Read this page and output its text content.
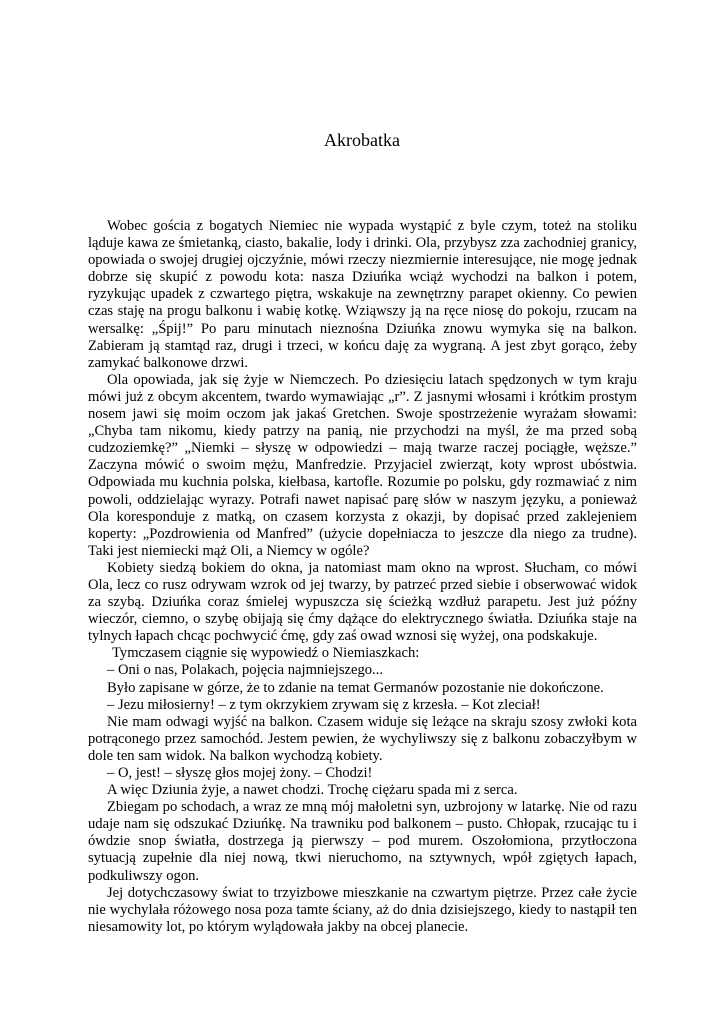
Akrobatka

Wobec gościa z bogatych Niemiec nie wypada wystąpić z byle czym, toteż na stoliku ląduje kawa ze śmietanką, ciasto, bakalie, lody i drinki. Ola, przybysz zza zachodniej granicy, opowiada o swojej drugiej ojczyźnie, mówi rzeczy niezmiernie interesujące, nie mogę jednak dobrze się skupić z powodu kota: nasza Dziuńka wciąż wychodzi na balkon i potem, ryzykując upadek z czwartego piętra, wskakuje na zewnętrzny parapet okienny. Co pewien czas staję na progu balkonu i wabię kotkę. Wziąwszy ją na ręce niosę do pokoju, rzucam na wersalkę: „Śpij!” Po paru minutach nieznośna Dziuńka znowu wymyka się na balkon. Zabieram ją stamtąd raz, drugi i trzeci, w końcu daję za wygraną. A jest zbyt gorąco, żeby zamykać balkonowe drzwi.

Ola opowiada, jak się żyje w Niemczech. Po dziesięciu latach spędzonych w tym kraju mówi już z obcym akcentem, twardo wymawiając „r”. Z jasnymi włosami i krótkim prostym nosem jawi się moim oczom jak jakaś Gretchen. Swoje spostrzeżenie wyrażam słowami: „Chyba tam nikomu, kiedy patrzy na panią, nie przychodzi na myśl, że ma przed sobą cudzoziemkę?” „Niemki – słyszę w odpowiedzi – mają twarze raczej pociągłe, węższe.” Zaczyna mówić o swoim mężu, Manfredzie. Przyjaciel zwierząt, koty wprost ubóstwia. Odpowiada mu kuchnia polska, kiełbasa, kartofle. Rozumie po polsku, gdy rozmawiać z nim powoli, oddzielając wyrazy. Potrafi nawet napisać parę słów w naszym języku, a ponieważ Ola koresponduje z matką, on czasem korzysta z okazji, by dopisać przed zaklejeniem koperty: „Pozdrowienia od Manfred” (użycie dopełniacza to jeszcze dla niego za trudne). Taki jest niemiecki mąż Oli, a Niemcy w ogóle?

Kobiety siedzą bokiem do okna, ja natomiast mam okno na wprost. Słucham, co mówi Ola, lecz co rusz odrywam wzrok od jej twarzy, by patrzeć przed siebie i obserwować widok za szybą. Dziuńka coraz śmielej wypuszcza się ścieżką wzdłuż parapetu. Jest już późny wieczór, ciemno, o szybę obijają się ćmy dążące do elektrycznego światła. Dziuńka staje na tylnych łapach chcąc pochwycić ćmę, gdy zaś owad wznosi się wyżej, ona podskakuje.

Tymczasem ciągnie się wypowiedź o Niemiaszkach:

– Oni o nas, Polakach, pojęcia najmniejszego...

Było zapisane w górze, że to zdanie na temat Germanów pozostanie nie dokończone.

– Jezu miłosierny! – z tym okrzykiem zrywam się z krzesła. – Kot zleciał!

Nie mam odwagi wyjść na balkon. Czasem widuje się leżące na skraju szosy zwłoki kota potrąconego przez samochód. Jestem pewien, że wychyliwszy się z balkonu zobaczyłbym w dole ten sam widok. Na balkon wychodzą kobiety.

– O, jest! – słyszę głos mojej żony. – Chodzi!

A więc Dziunia żyje, a nawet chodzi. Trochę ciężaru spada mi z serca.

Zbiegam po schodach, a wraz ze mną mój małoletni syn, uzbrojony w latarkę. Nie od razu udaje nam się odszukać Dziuńkę. Na trawniku pod balkonem – pusto. Chłopak, rzucając tu i ówdzie snop światła, dostrzega ją pierwszy – pod murem. Oszołomiona, przytłoczona sytuacją zupełnie dla niej nową, tkwi nieruchomo, na sztywnych, wpół zgiętych łapach, podkuliwszy ogon.

Jej dotychczasowy świat to trzyizbowe mieszkanie na czwartym piętrze. Przez całe życie nie wychylała różowego nosa poza tamte ściany, aż do dnia dzisiejszego, kiedy to nastąpił ten niesamowity lot, po którym wylądowała jakby na obcej planecie.
